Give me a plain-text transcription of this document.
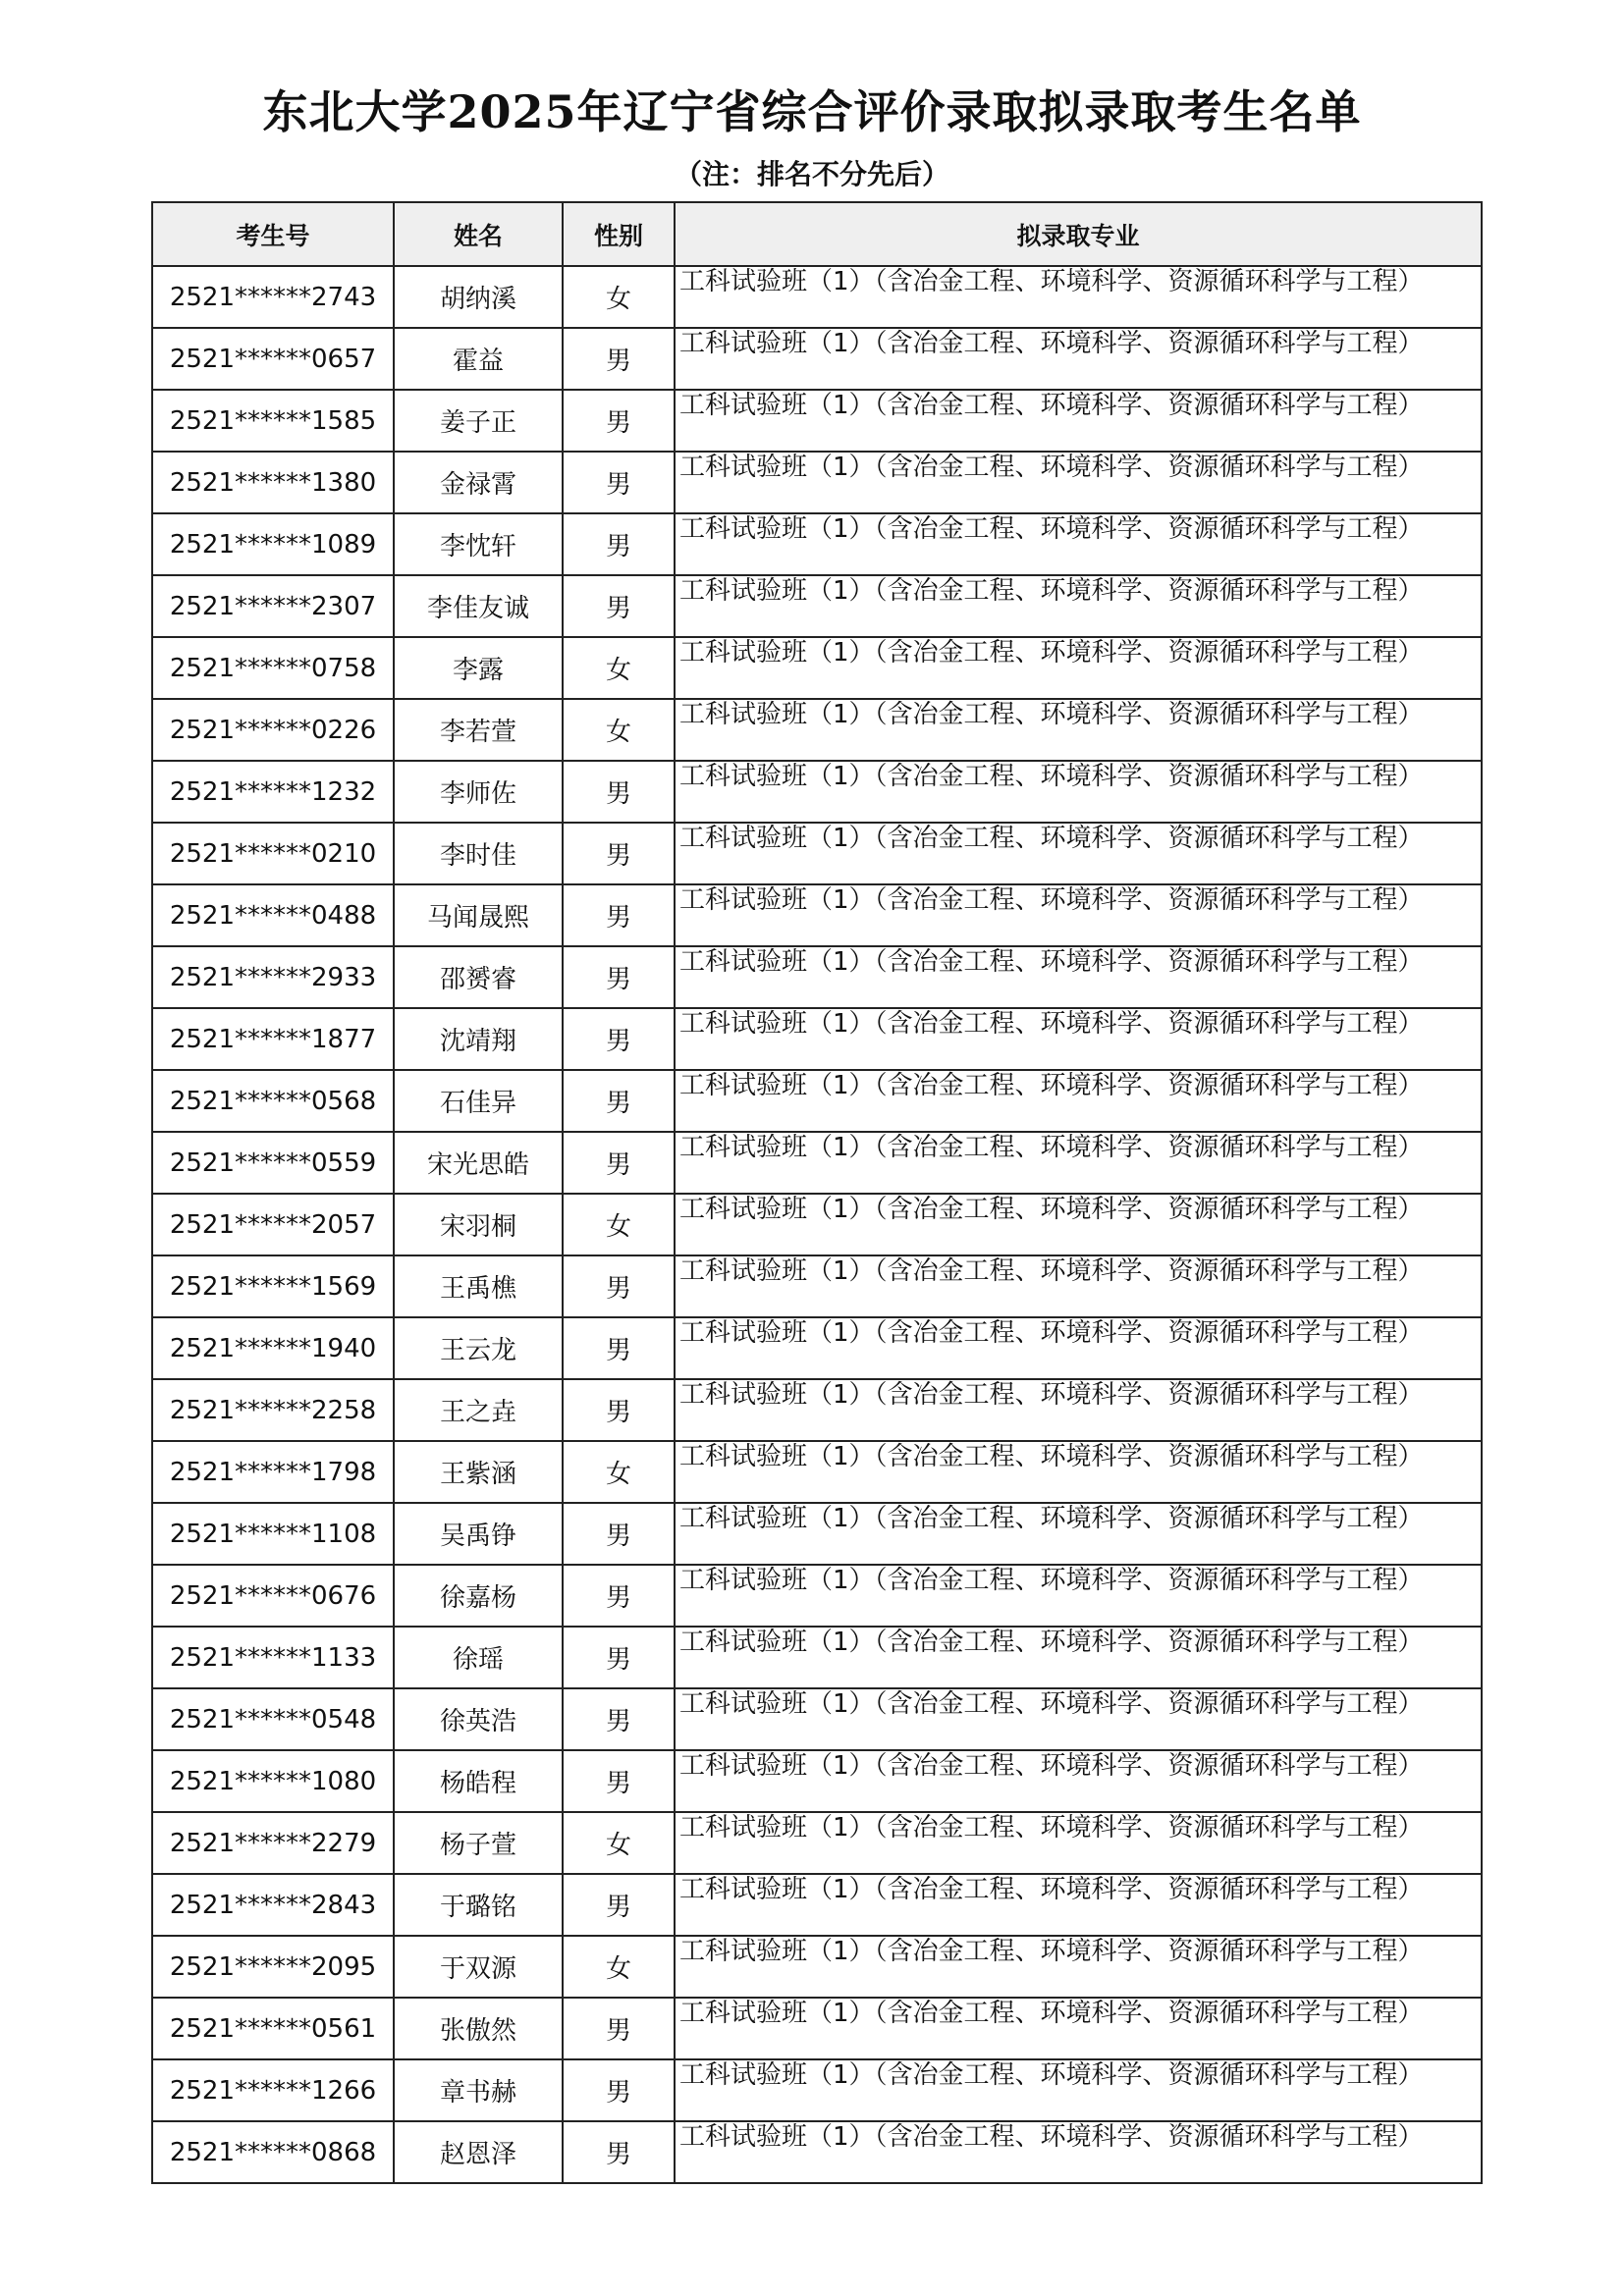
东北大学2025年辽宁省综合评价录取拟录取考生名单
（注：排名不分先后）
考生号	姓名	性别	拟录取专业
2521******2743	胡纳溪	女	工科试验班（1）（含冶金工程、环境科学、资源循环科学与工程）
2521******0657	霍益	男	工科试验班（1）（含冶金工程、环境科学、资源循环科学与工程）
2521******1585	姜子正	男	工科试验班（1）（含冶金工程、环境科学、资源循环科学与工程）
2521******1380	金禄霄	男	工科试验班（1）（含冶金工程、环境科学、资源循环科学与工程）
2521******1089	李忱轩	男	工科试验班（1）（含冶金工程、环境科学、资源循环科学与工程）
2521******2307	李佳友诚	男	工科试验班（1）（含冶金工程、环境科学、资源循环科学与工程）
2521******0758	李露	女	工科试验班（1）（含冶金工程、环境科学、资源循环科学与工程）
2521******0226	李若萱	女	工科试验班（1）（含冶金工程、环境科学、资源循环科学与工程）
2521******1232	李师佐	男	工科试验班（1）（含冶金工程、环境科学、资源循环科学与工程）
2521******0210	李时佳	男	工科试验班（1）（含冶金工程、环境科学、资源循环科学与工程）
2521******0488	马闻晟熙	男	工科试验班（1）（含冶金工程、环境科学、资源循环科学与工程）
2521******2933	邵赟睿	男	工科试验班（1）（含冶金工程、环境科学、资源循环科学与工程）
2521******1877	沈靖翔	男	工科试验班（1）（含冶金工程、环境科学、资源循环科学与工程）
2521******0568	石佳异	男	工科试验班（1）（含冶金工程、环境科学、资源循环科学与工程）
2521******0559	宋光思皓	男	工科试验班（1）（含冶金工程、环境科学、资源循环科学与工程）
2521******2057	宋羽桐	女	工科试验班（1）（含冶金工程、环境科学、资源循环科学与工程）
2521******1569	王禹樵	男	工科试验班（1）（含冶金工程、环境科学、资源循环科学与工程）
2521******1940	王云龙	男	工科试验班（1）（含冶金工程、环境科学、资源循环科学与工程）
2521******2258	王之垚	男	工科试验班（1）（含冶金工程、环境科学、资源循环科学与工程）
2521******1798	王紫涵	女	工科试验班（1）（含冶金工程、环境科学、资源循环科学与工程）
2521******1108	吴禹铮	男	工科试验班（1）（含冶金工程、环境科学、资源循环科学与工程）
2521******0676	徐嘉杨	男	工科试验班（1）（含冶金工程、环境科学、资源循环科学与工程）
2521******1133	徐瑶	男	工科试验班（1）（含冶金工程、环境科学、资源循环科学与工程）
2521******0548	徐英浩	男	工科试验班（1）（含冶金工程、环境科学、资源循环科学与工程）
2521******1080	杨皓程	男	工科试验班（1）（含冶金工程、环境科学、资源循环科学与工程）
2521******2279	杨子萱	女	工科试验班（1）（含冶金工程、环境科学、资源循环科学与工程）
2521******2843	于璐铭	男	工科试验班（1）（含冶金工程、环境科学、资源循环科学与工程）
2521******2095	于双源	女	工科试验班（1）（含冶金工程、环境科学、资源循环科学与工程）
2521******0561	张傲然	男	工科试验班（1）（含冶金工程、环境科学、资源循环科学与工程）
2521******1266	章书赫	男	工科试验班（1）（含冶金工程、环境科学、资源循环科学与工程）
2521******0868	赵恩泽	男	工科试验班（1）（含冶金工程、环境科学、资源循环科学与工程）
